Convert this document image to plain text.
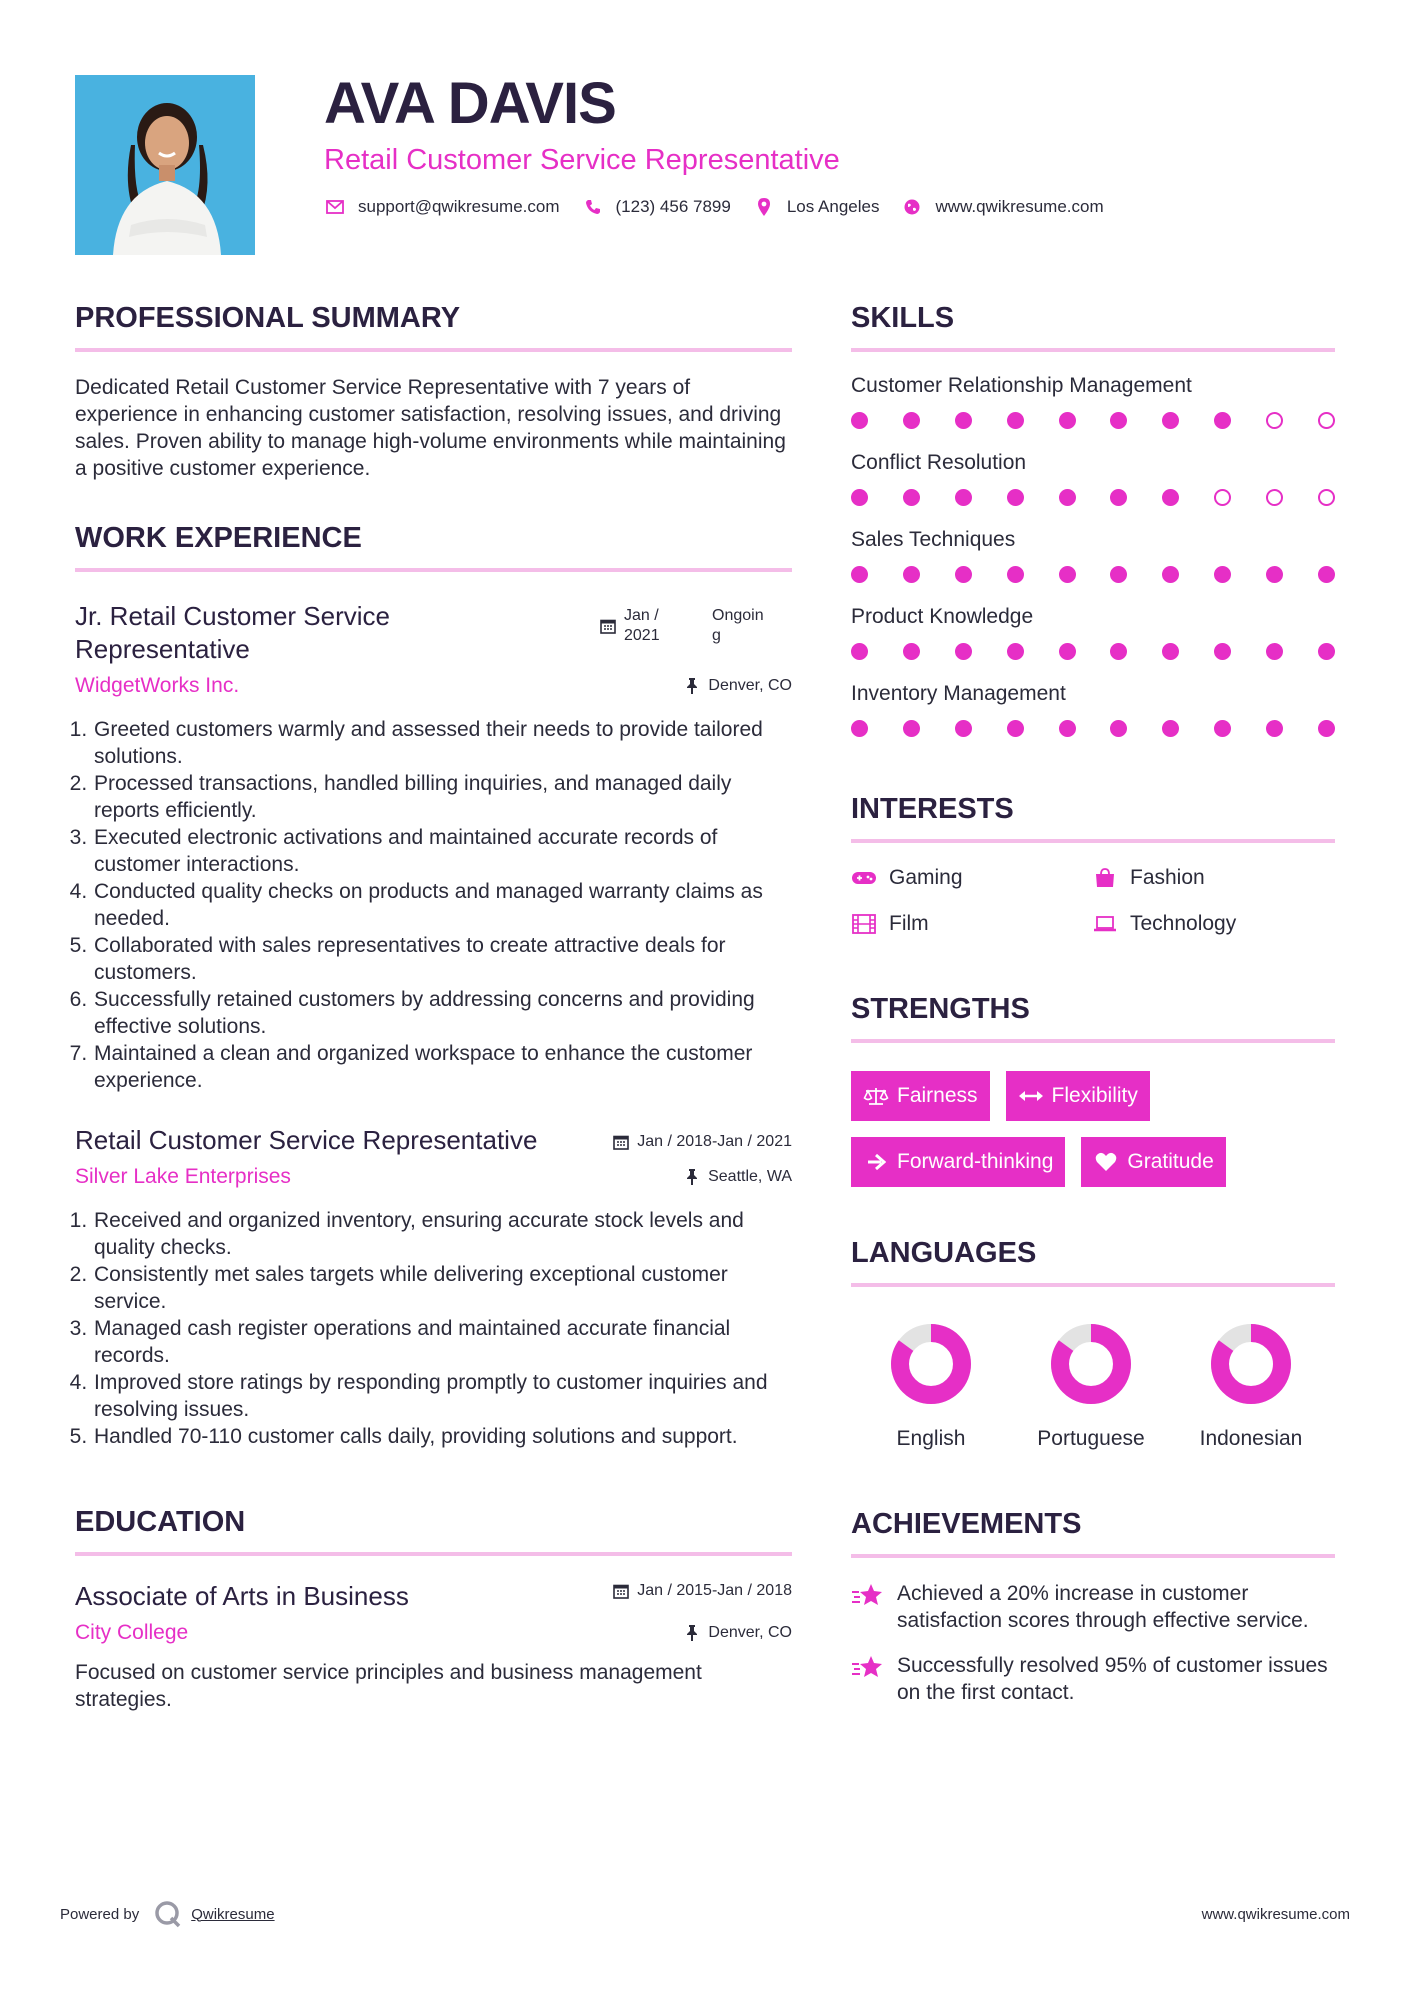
AVA DAVIS
Retail Customer Service Representative
support@qwikresume.com	(123) 456 7899	Los Angeles	www.qwikresume.com
PROFESSIONAL SUMMARY

Dedicated Retail Customer Service Representative with 7 years of experience in enhancing customer satisfaction, resolving issues, and driving sales. Proven ability to manage high-volume environments while maintaining a positive customer experience.

WORK EXPERIENCE
Jr. Retail Customer Service Representative
Jan /
2021
Ongoin
g
WidgetWorks Inc.	Denver, CO
1. Greeted customers warmly and assessed their needs to provide tailored solutions.
2. Processed transactions, handled billing inquiries, and managed daily reports efficiently.
3. Executed electronic activations and maintained accurate records of customer interactions.
4. Conducted quality checks on products and managed warranty claims as needed.
5. Collaborated with sales representatives to create attractive deals for customers.
6. Successfully retained customers by addressing concerns and providing effective solutions.
7. Maintained a clean and organized workspace to enhance the customer experience.
Retail Customer Service Representative	Jan / 2018-Jan / 2021
Silver Lake Enterprises	Seattle, WA
1. Received and organized inventory, ensuring accurate stock levels and quality checks.
2. Consistently met sales targets while delivering exceptional customer service.
3. Managed cash register operations and maintained accurate financial records.
4. Improved store ratings by responding promptly to customer inquiries and resolving issues.
5. Handled 70-110 customer calls daily, providing solutions and support.
EDUCATION
Associate of Arts in Business	Jan / 2015-Jan / 2018
City College	Denver, CO

Focused on customer service principles and business management strategies.

SKILLS
Customer Relationship Management
Conflict Resolution
Sales Techniques
Product Knowledge
Inventory Management
INTERESTS
Gaming	Fashion
Film	Technology
STRENGTHS
Fairness	Flexibility
Forward-thinking	Gratitude
LANGUAGES
English	Portuguese	Indonesian
ACHIEVEMENTS
Achieved a 20% increase in customer satisfaction scores through effective service.
Successfully resolved 95% of customer issues on the first contact.
Powered by	Qwikresume	www.qwikresume.com
